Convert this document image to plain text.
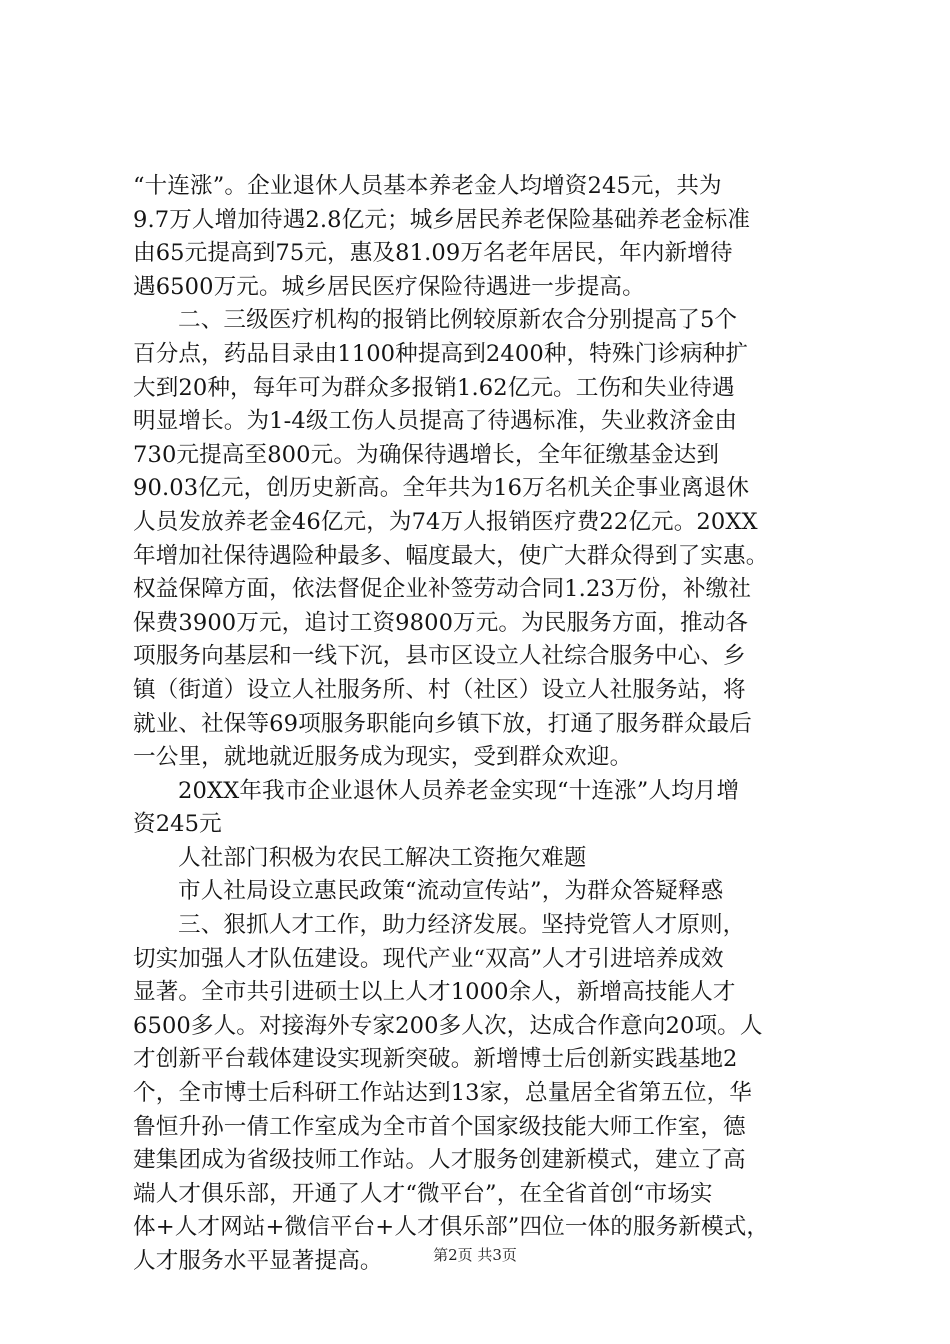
“十连涨”。企业退休人员基本养老金人均增资245元，共为
9.7万人增加待遇2.8亿元；城乡居民养老保险基础养老金标准
由65元提高到75元，惠及81.09万名老年居民，年内新增待
遇6500万元。城乡居民医疗保险待遇进一步提高。
二、三级医疗机构的报销比例较原新农合分别提高了5个
百分点，药品目录由1100种提高到2400种，特殊门诊病种扩
大到20种，每年可为群众多报销1.62亿元。工伤和失业待遇
明显增长。为1-4级工伤人员提高了待遇标准，失业救济金由
730元提高至800元。为确保待遇增长，全年征缴基金达到
90.03亿元，创历史新高。全年共为16万名机关企事业离退休
人员发放养老金46亿元，为74万人报销医疗费22亿元。20XX
年增加社保待遇险种最多、幅度最大，使广大群众得到了实惠。
权益保障方面，依法督促企业补签劳动合同1.23万份，补缴社
保费3900万元，追讨工资9800万元。为民服务方面，推动各
项服务向基层和一线下沉，县市区设立人社综合服务中心、乡
镇（街道）设立人社服务所、村（社区）设立人社服务站，将
就业、社保等69项服务职能向乡镇下放，打通了服务群众最后
一公里，就地就近服务成为现实，受到群众欢迎。
20XX年我市企业退休人员养老金实现“十连涨”人均月增
资245元
人社部门积极为农民工解决工资拖欠难题
市人社局设立惠民政策“流动宣传站”，为群众答疑释惑
三、狠抓人才工作，助力经济发展。坚持党管人才原则，
切实加强人才队伍建设。现代产业“双高”人才引进培养成效
显著。全市共引进硕士以上人才1000余人，新增高技能人才
6500多人。对接海外专家200多人次，达成合作意向20项。人
才创新平台载体建设实现新突破。新增博士后创新实践基地2
个，全市博士后科研工作站达到13家，总量居全省第五位，华
鲁恒升孙一倩工作室成为全市首个国家级技能大师工作室，德
建集团成为省级技师工作站。人才服务创建新模式，建立了高
端人才俱乐部，开通了人才“微平台”，在全省首创“市场实
体+人才网站+微信平台+人才俱乐部”四位一体的服务新模式，
人才服务水平显著提高。	第2页 共3页
